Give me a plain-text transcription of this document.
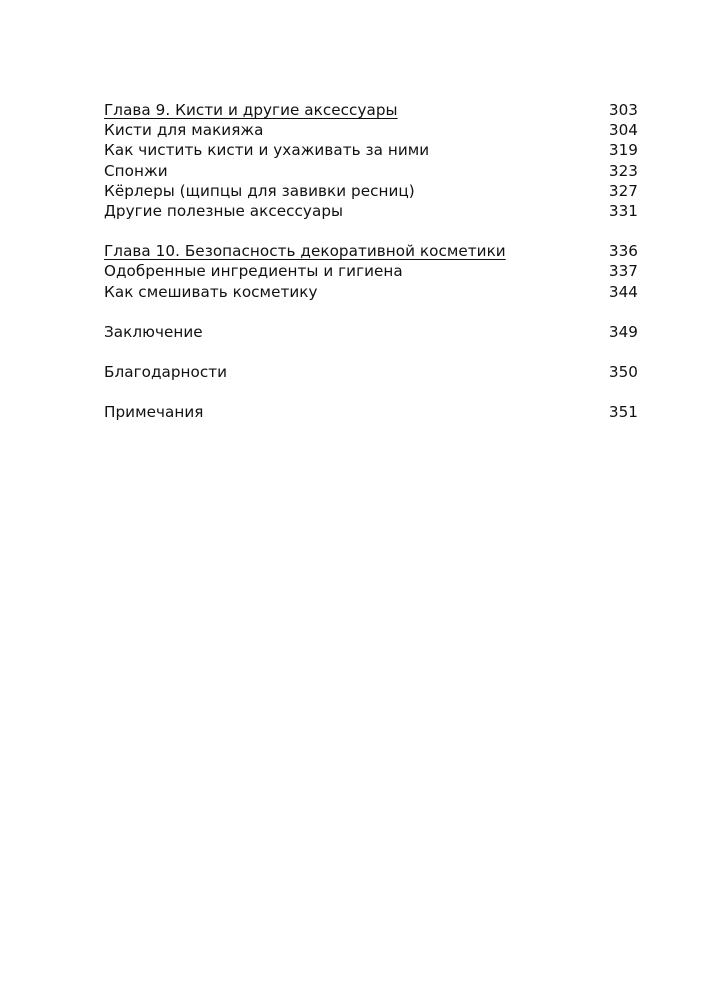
Глава 9. Кисти и другие аксессуары	303
Кисти для макияжа	304
Как чистить кисти и ухаживать за ними	319
Спонжи	323
Кёрлеры (щипцы для завивки ресниц)	327
Другие полезные аксессуары	331
Глава 10. Безопасность декоративной косметики	336
Одобренные ингредиенты и гигиена	337
Как смешивать косметику	344
Заключение	349
Благодарности	350
Примечания	351
